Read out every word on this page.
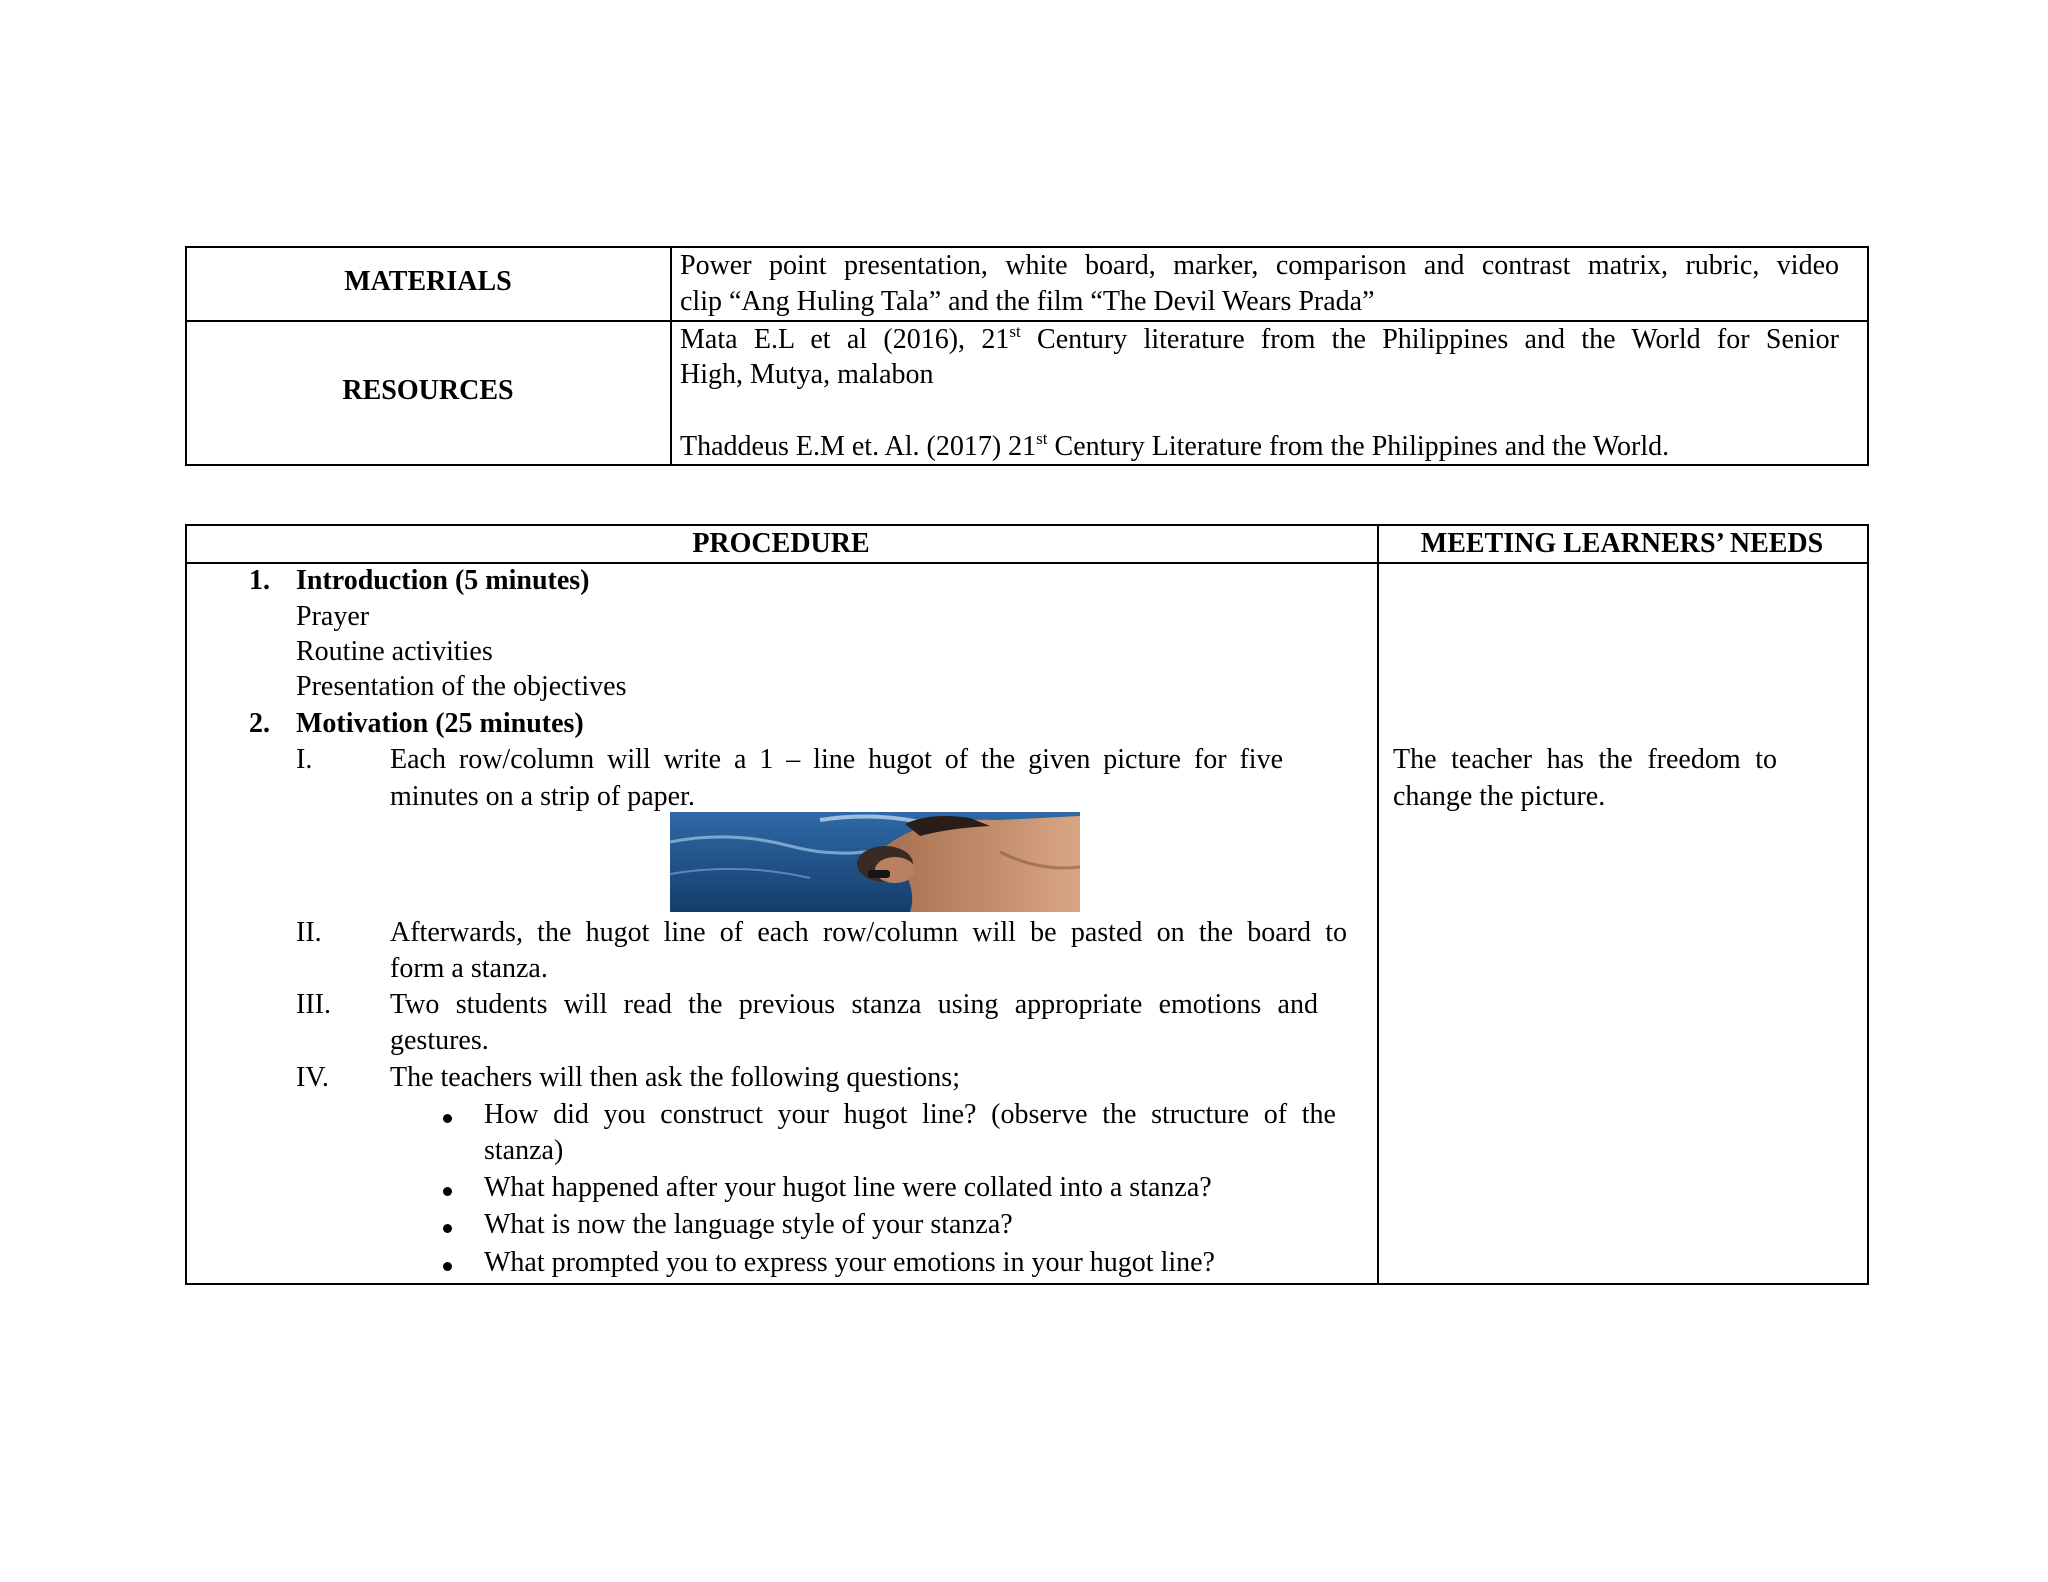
MATERIALS
Power point presentation, white board, marker, comparison and contrast matrix, rubric, video
clip “Ang Huling Tala” and the film “The Devil Wears Prada”
RESOURCES
Mata E.L et al (2016), 21st Century literature from the Philippines and the World for Senior
High, Mutya, malabon
Thaddeus E.M et. Al. (2017) 21st Century Literature from the Philippines and the World.
PROCEDURE	MEETING LEARNERS’ NEEDS
1. Introduction (5 minutes)
Prayer
Routine activities
Presentation of the objectives
2. Motivation (25 minutes)
I.	Each row/column will write a 1 – line hugot of the given picture for five
minutes on a strip of paper.
II. Afterwards, the hugot line of each row/column will be pasted on the board to
form a stanza.
III. Two students will read the previous stanza using appropriate emotions and
gestures.
IV. The teachers will then ask the following questions;
How did you construct your hugot line? (observe the structure of the
stanza)
What happened after your hugot line were collated into a stanza?
What is now the language style of your stanza?
What prompted you to express your emotions in your hugot line?
The teacher has the freedom to
change the picture.
